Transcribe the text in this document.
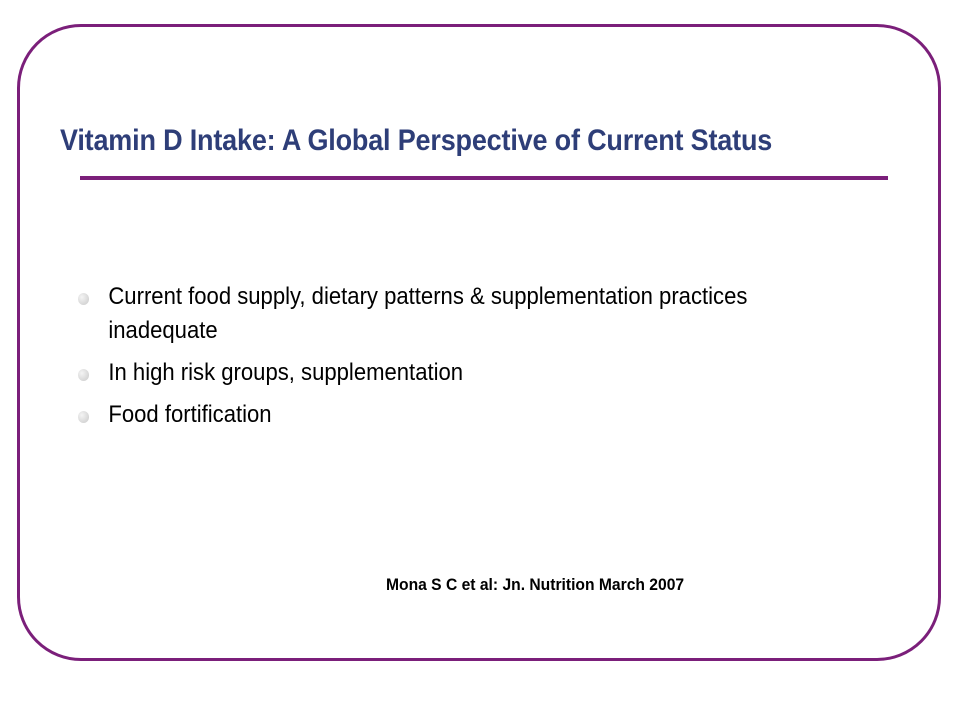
Vitamin D Intake: A Global Perspective of Current Status
Current food supply, dietary patterns & supplementation practices inadequate
In high risk groups, supplementation
Food fortification
Mona S C et al: Jn. Nutrition March 2007
